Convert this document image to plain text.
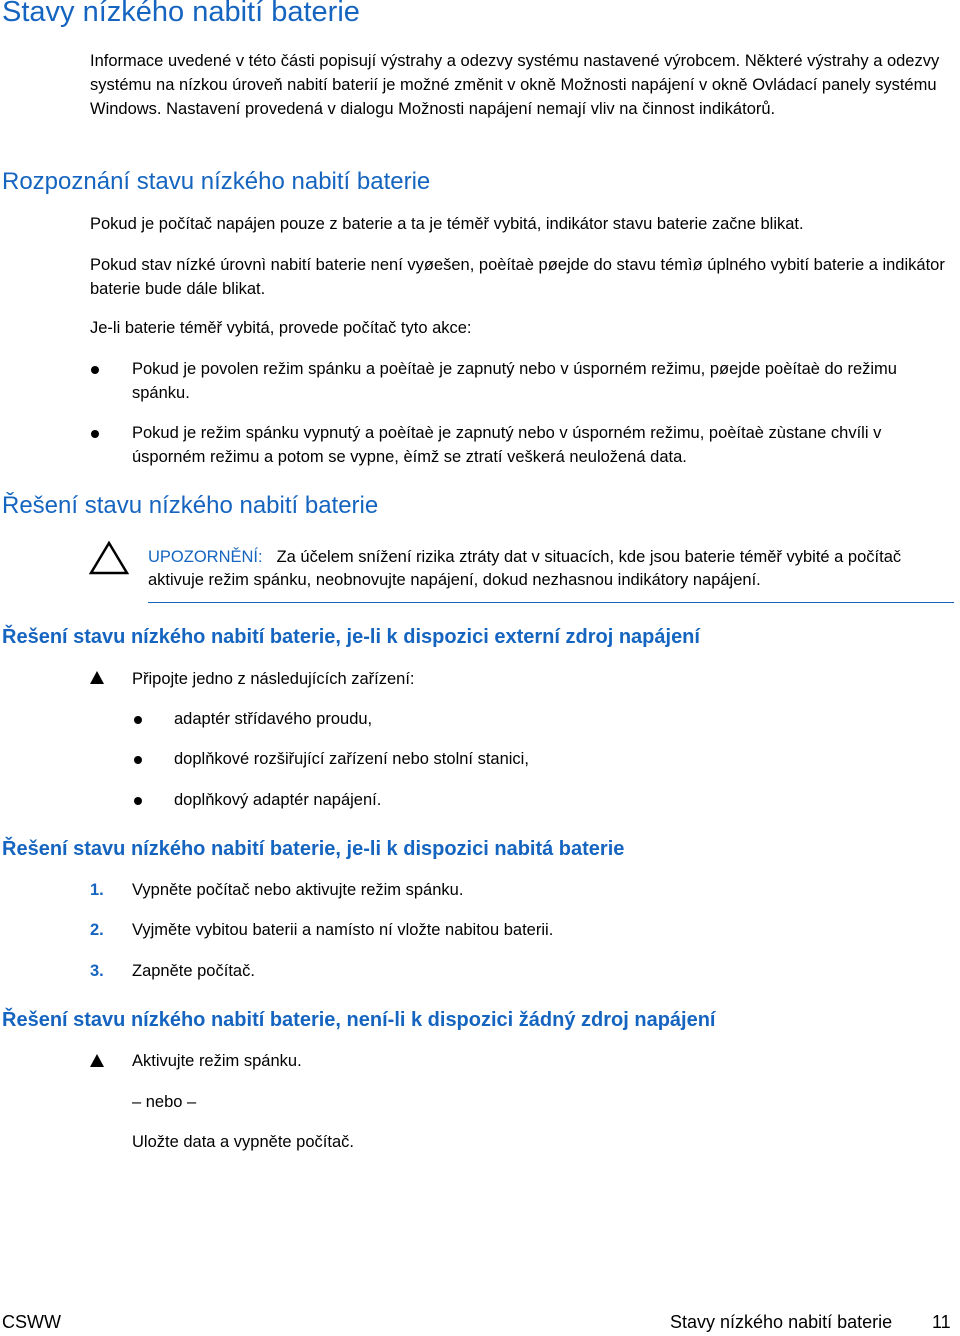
Stavy nízkého nabití baterie

Informace uvedené v této části popisují výstrahy a odezvy systému nastavené výrobcem. Některé výstrahy a odezvy systému na nízkou úroveň nabití baterií je možné změnit v okně Možnosti napájení v okně Ovládací panely systému Windows. Nastavení provedená v dialogu Možnosti napájení nemají vliv na činnost indikátorů.

Rozpoznání stavu nízkého nabití baterie

Pokud je počítač napájen pouze z baterie a ta je téměř vybitá, indikátor stavu baterie začne blikat.

Pokud stav nízké úrovnì nabití baterie není vyøešen, poèítaè pøejde do stavu témìø úplného vybití baterie a indikátor baterie bude dále blikat.

Je-li baterie téměř vybitá, provede počítač tyto akce:

Pokud je povolen režim spánku a poèítaè je zapnutý nebo v úsporném režimu, pøejde poèítaè do režimu spánku.

Pokud je režim spánku vypnutý a poèítaè je zapnutý nebo v úsporném režimu, poèítaè zùstane chvíli v úsporném režimu a potom se vypne, èímž se ztratí veškerá neuložená data.

Řešení stavu nízkého nabití baterie
UPOZORNĚNÍ: Za účelem snížení rizika ztráty dat v situacích, kde jsou baterie téměř vybité a počítač aktivuje režim spánku, neobnovujte napájení, dokud nezhasnou indikátory napájení.
Řešení stavu nízkého nabití baterie, je-li k dispozici externí zdroj napájení
Připojte jedno z následujících zařízení:
adaptér střídavého proudu,
doplňkové rozšiřující zařízení nebo stolní stanici,
doplňkový adaptér napájení.
Řešení stavu nízkého nabití baterie, je-li k dispozici nabitá baterie
1. Vypněte počítač nebo aktivujte režim spánku.
2. Vyjměte vybitou baterii a namísto ní vložte nabitou baterii.
3. Zapněte počítač.
Řešení stavu nízkého nabití baterie, není-li k dispozici žádný zdroj napájení
Aktivujte režim spánku.
– nebo –
Uložte data a vypněte počítač.
CSWW	Stavy nízkého nabití baterie 11
